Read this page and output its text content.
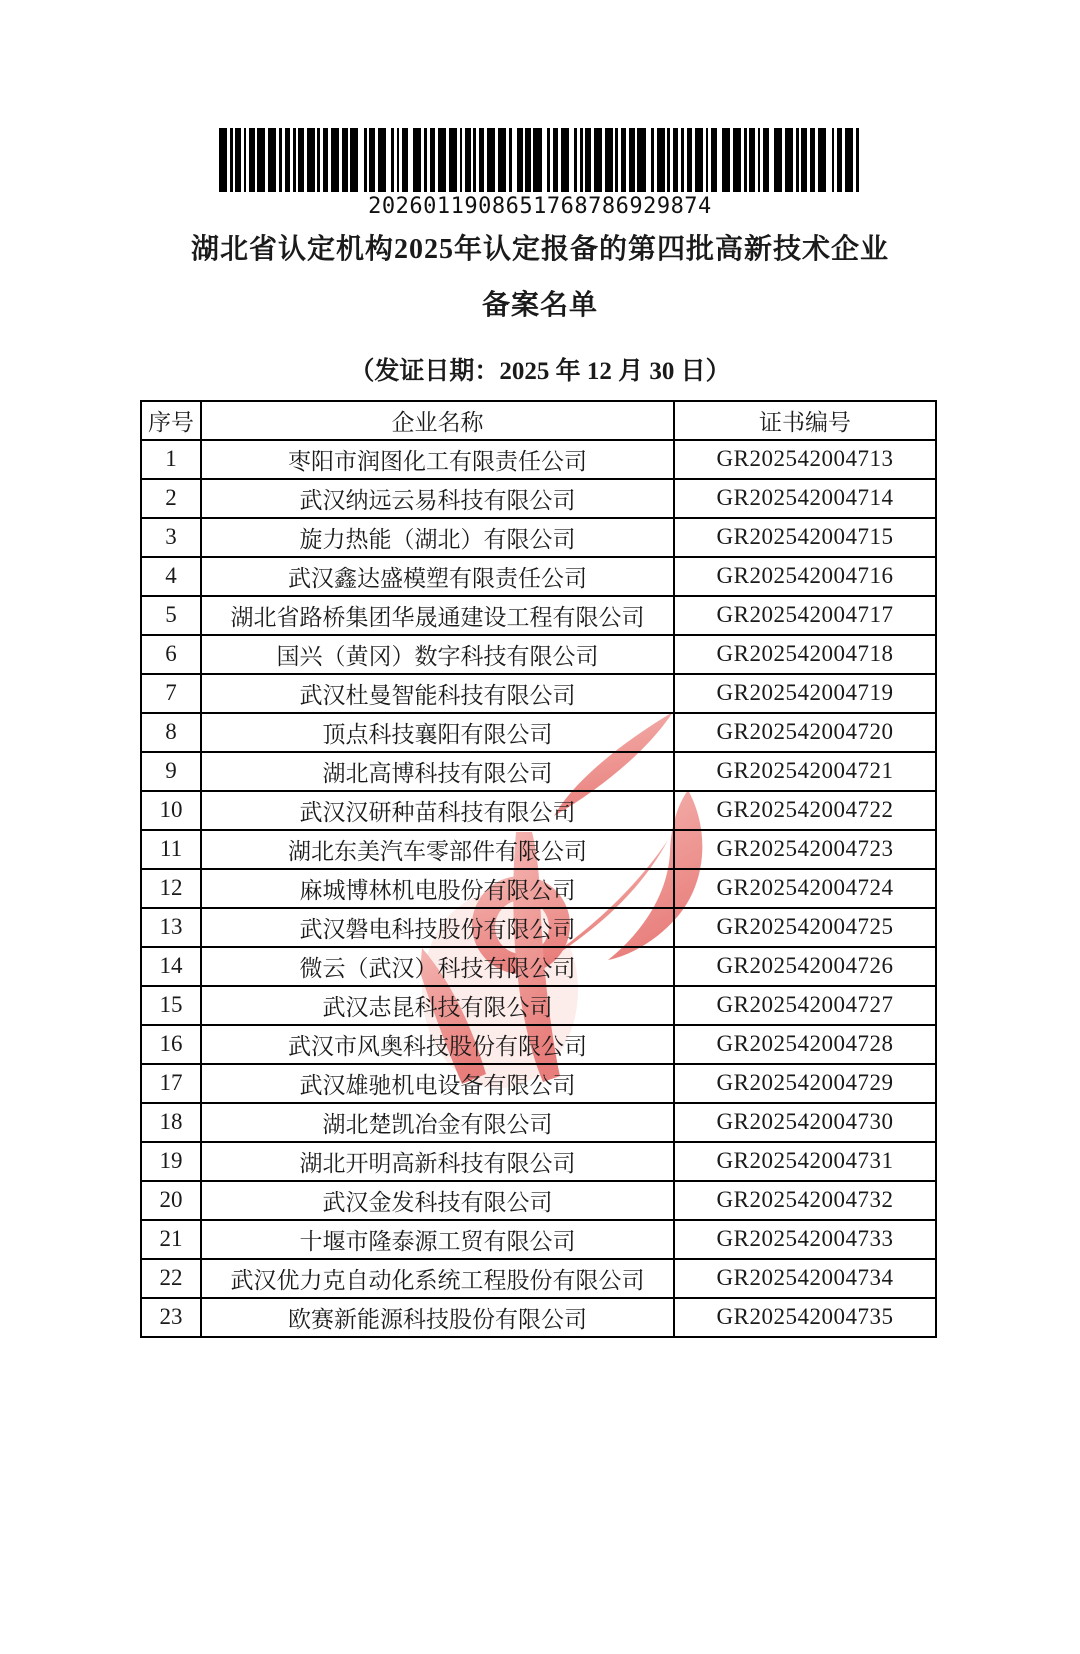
2026011908651768786929874
湖北省认定机构2025年认定报备的第四批高新技术企业
备案名单
（发证日期：2025 年 12 月 30 日）
序号	企业名称	证书编号
1	枣阳市润图化工有限责任公司	GR202542004713
2	武汉纳远云易科技有限公司	GR202542004714
3	旋力热能（湖北）有限公司	GR202542004715
4	武汉鑫达盛模塑有限责任公司	GR202542004716
5	湖北省路桥集团华晟通建设工程有限公司	GR202542004717
6	国兴（黄冈）数字科技有限公司	GR202542004718
7	武汉杜曼智能科技有限公司	GR202542004719
8	顶点科技襄阳有限公司	GR202542004720
9	湖北高博科技有限公司	GR202542004721
10	武汉汉研种苗科技有限公司	GR202542004722
11	湖北东美汽车零部件有限公司	GR202542004723
12	麻城博林机电股份有限公司	GR202542004724
13	武汉磐电科技股份有限公司	GR202542004725
14	微云（武汉）科技有限公司	GR202542004726
15	武汉志昆科技有限公司	GR202542004727
16	武汉市风奥科技股份有限公司	GR202542004728
17	武汉雄驰机电设备有限公司	GR202542004729
18	湖北楚凯冶金有限公司	GR202542004730
19	湖北开明高新科技有限公司	GR202542004731
20	武汉金发科技有限公司	GR202542004732
21	十堰市隆泰源工贸有限公司	GR202542004733
22	武汉优力克自动化系统工程股份有限公司	GR202542004734
23	欧赛新能源科技股份有限公司	GR202542004735
